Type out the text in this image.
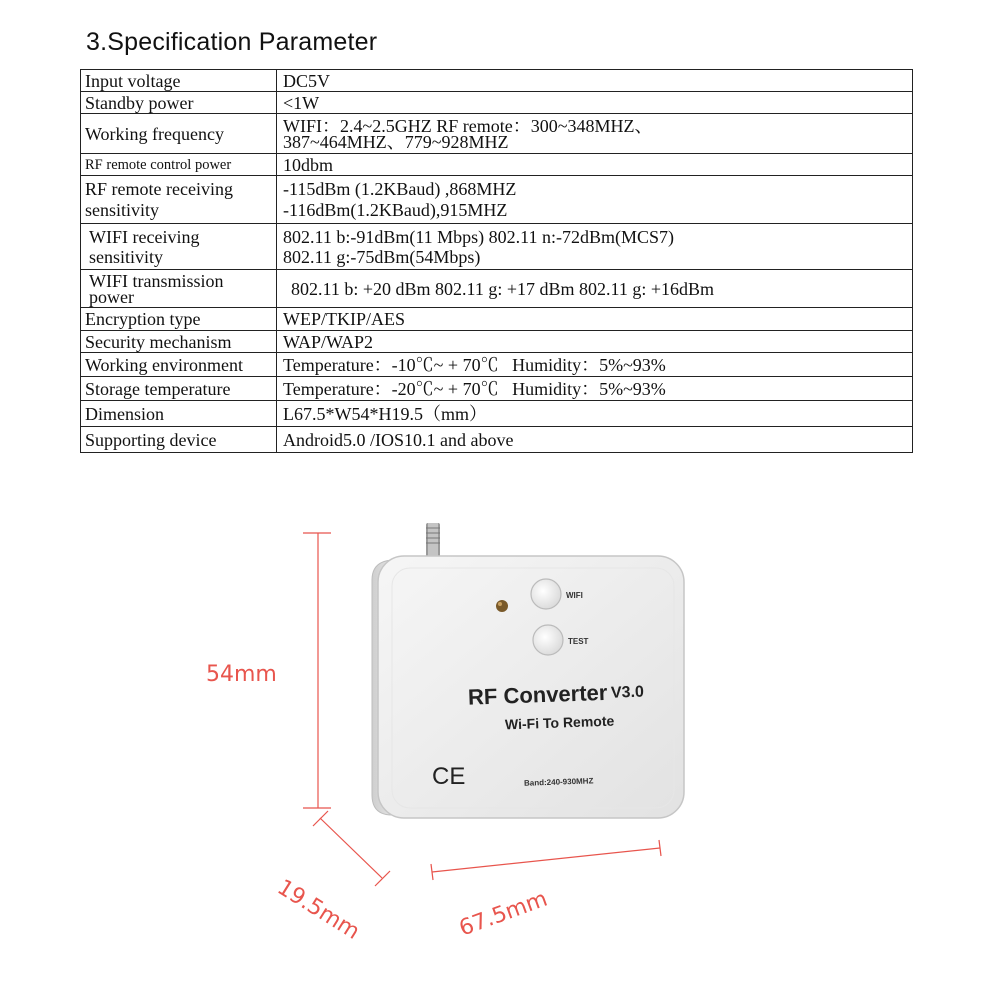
3.Specification Parameter
Input voltage	DC5V

Standby power	<1W

Working frequency	WIFI：2.4~2.5GHZ RF remote：300~348MHZ、
387~464MHZ、779~928MHZ

RF remote control power	10dbm

RF remote receiving sensitivity	-115dBm (1.2KBaud) ,868MHZ
-116dBm(1.2KBaud),915MHZ

WIFI receiving sensitivity	802.11 b:-91dBm(11 Mbps) 802.11 n:-72dBm(MCS7)
802.11 g:-75dBm(54Mbps)

WIFI transmission power	802.11 b: +20 dBm 802.11 g: +17 dBm 802.11 g: +16dBm

Encryption type	WEP/TKIP/AES

Security mechanism	WAP/WAP2

Working environment	Temperature：-10℃~ + 70℃   Humidity：5%~93%

Storage temperature	Temperature：-20℃~ + 70℃   Humidity：5%~93%

Dimension	L67.5*W54*H19.5（mm）

Supporting device	Android5.0 /IOS10.1 and above
WIFI
TEST
RF Converter V3.0
Wi-Fi To Remote
Band:240-930MHZ
CE
54mm
19.5mm	67.5mm
